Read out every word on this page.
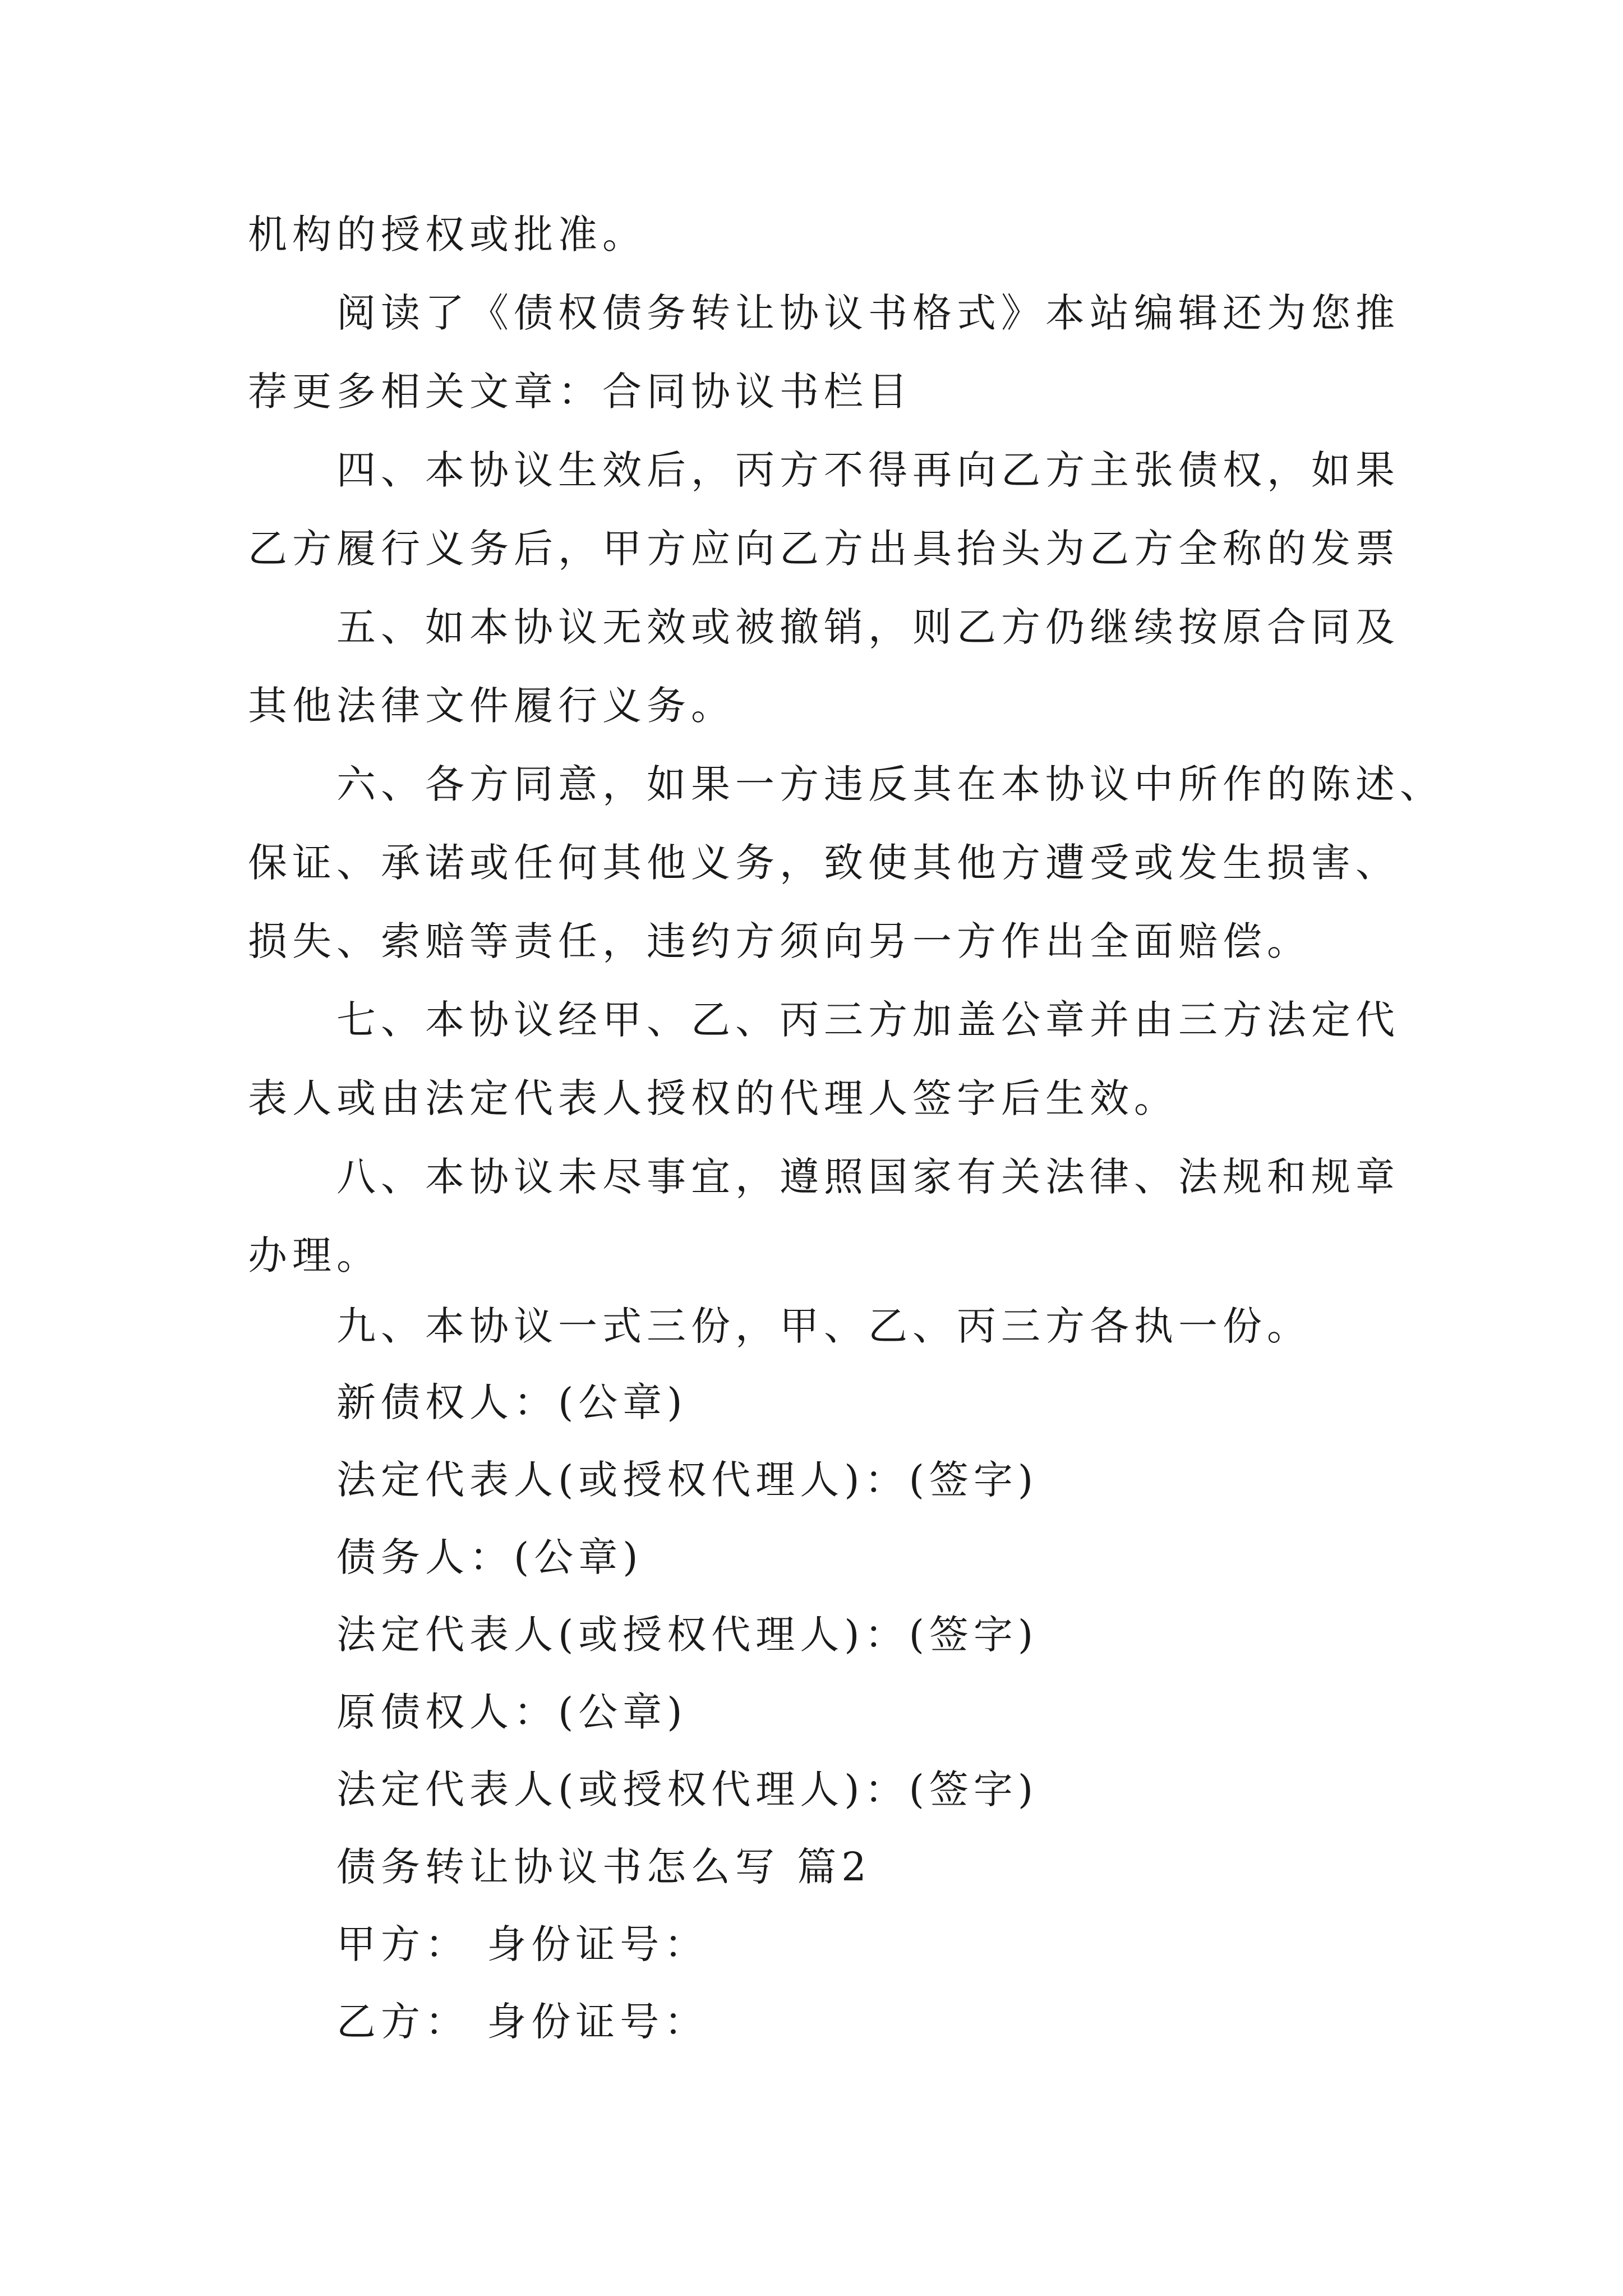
机构的授权或批准。
阅读了《债权债务转让协议书格式》本站编辑还为您推
荐更多相关文章：合同协议书栏目
四、本协议生效后，丙方不得再向乙方主张债权，如果
乙方履行义务后，甲方应向乙方出具抬头为乙方全称的发票
五、如本协议无效或被撤销，则乙方仍继续按原合同及
其他法律文件履行义务。
六、各方同意，如果一方违反其在本协议中所作的陈述、
保证、承诺或任何其他义务，致使其他方遭受或发生损害、
损失、索赔等责任，违约方须向另一方作出全面赔偿。
七、本协议经甲、乙、丙三方加盖公章并由三方法定代
表人或由法定代表人授权的代理人签字后生效。
八、本协议未尽事宜，遵照国家有关法律、法规和规章
办理。
九、本协议一式三份，甲、乙、丙三方各执一份。
新债权人：(公章)
法定代表人(或授权代理人)：(签字)
债务人：(公章)
法定代表人(或授权代理人)：(签字)
原债权人：(公章)
法定代表人(或授权代理人)：(签字)
债务转让协议书怎么写 篇2
甲方： 身份证号：
乙方： 身份证号：
